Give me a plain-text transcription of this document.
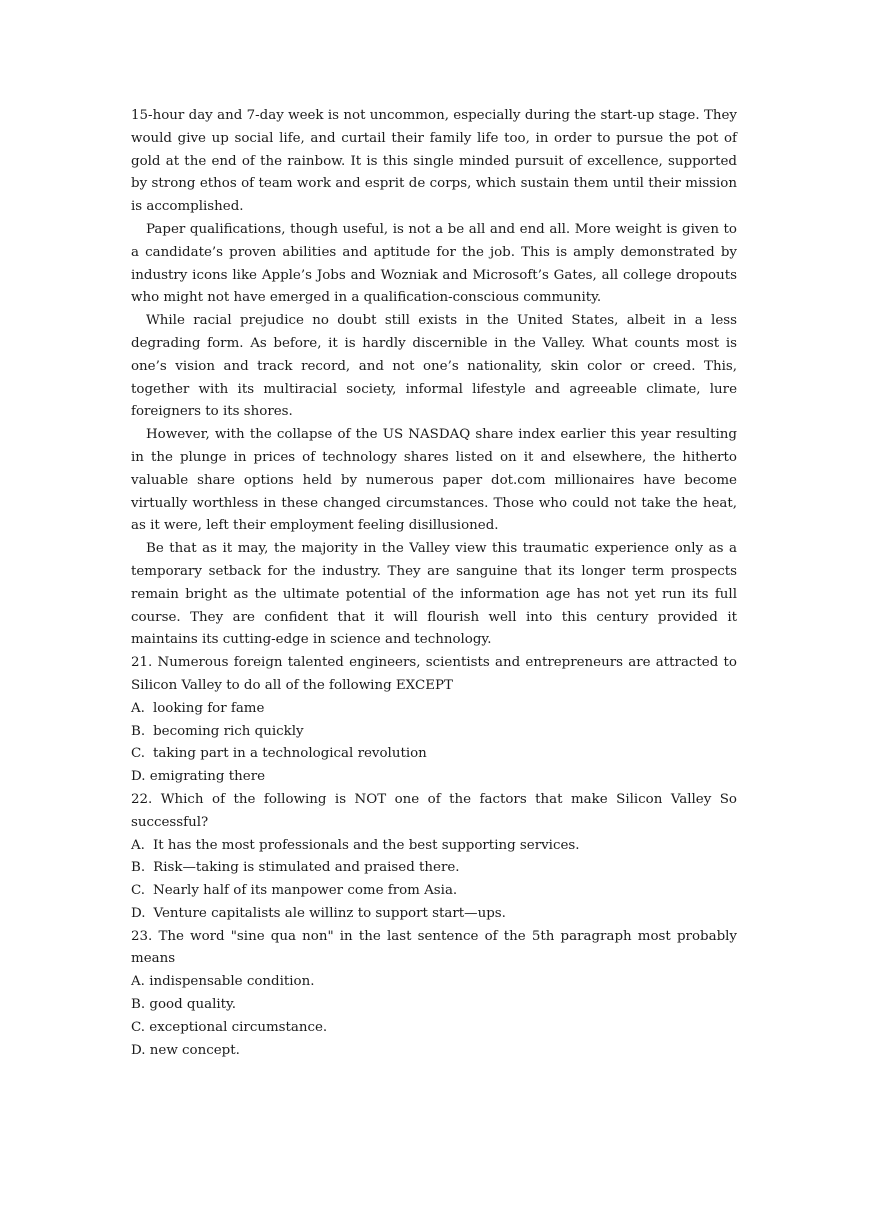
15-hour day and 7-day week is not uncommon, especially during the start-up stage. They would give up social life, and curtail their family life too, in order to pursue the pot of gold at the end of the rainbow. It is this single minded pursuit of excellence, supported by strong ethos of team work and esprit de corps, which sustain them until their mission is accomplished.

Paper qualifications, though useful, is not a be all and end all. More weight is given to a candidate’s proven abilities and aptitude for the job. This is amply demonstrated by industry icons like Apple’s Jobs and Wozniak and Microsoft’s Gates, all college dropouts who might not have emerged in a qualification-conscious community.

While racial prejudice no doubt still exists in the United States, albeit in a less degrading form. As before, it is hardly discernible in the Valley. What counts most is one’s vision and track record, and not one’s nationality, skin color or creed. This, together with its multiracial society, informal lifestyle and agreeable climate, lure foreigners to its shores.

However, with the collapse of the US NASDAQ share index earlier this year resulting in the plunge in prices of technology shares listed on it and elsewhere, the hitherto valuable share options held by numerous paper dot.com millionaires have become virtually worthless in these changed circumstances. Those who could not take the heat, as it were, left their employment feeling disillusioned.

Be that as it may, the majority in the Valley view this traumatic experience only as a temporary setback for the industry. They are sanguine that its longer term prospects remain bright as the ultimate potential of the information age has not yet run its full course. They are confident that it will flourish well into this century provided it maintains its cutting-edge in science and technology.

21. Numerous foreign talented engineers, scientists and entrepreneurs are attracted to Silicon Valley to do all of the following EXCEPT

A. looking for fame

B. becoming rich quickly

C. taking part in a technological revolution

D. emigrating there

22. Which of the following is NOT one of the factors that make Silicon Valley So successful?

A. It has the most professionals and the best supporting services.

B. Risk—taking is stimulated and praised there.

C. Nearly half of its manpower come from Asia.

D. Venture capitalists ale willinz to support start—ups.

23. The word "sine qua non" in the last sentence of the 5th paragraph most probably means

A. indispensable condition.

B. good quality.

C. exceptional circumstance.

D. new concept.
